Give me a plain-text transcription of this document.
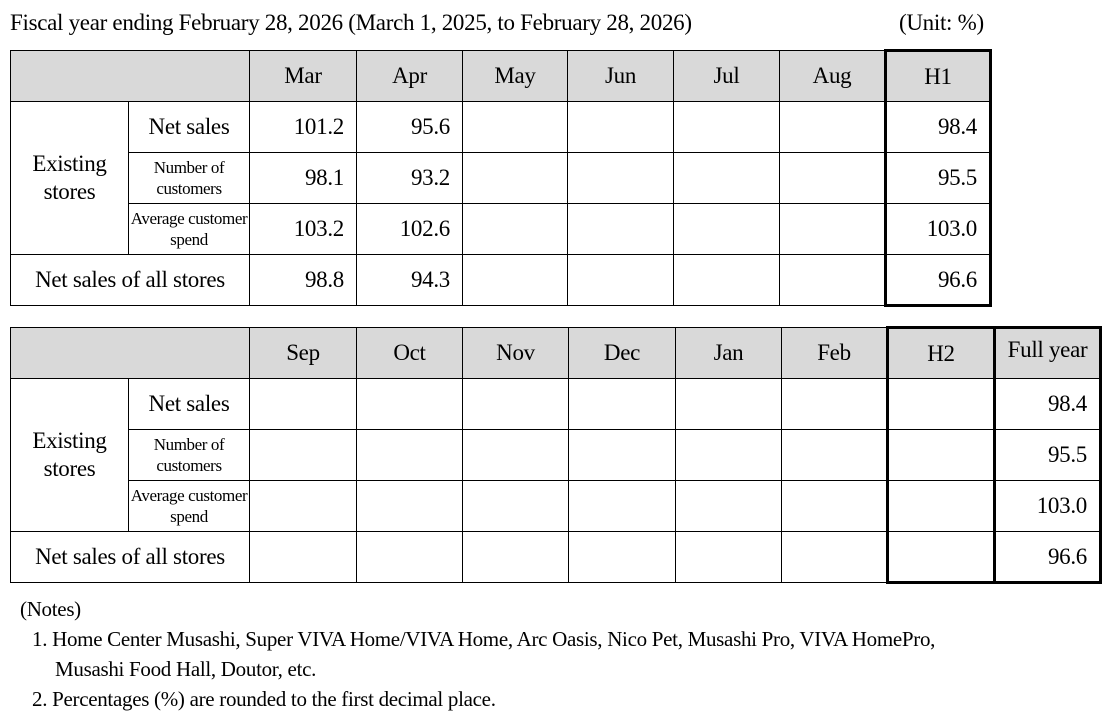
Fiscal year ending February 28, 2026 (March 1, 2025, to February 28, 2026)	(Unit: %)
		Mar	Apr	May	Jun	Jul	Aug	H1
Existing stores	Net sales	101.2	95.6					98.4
	Number of customers	98.1	93.2					95.5
	Average customer spend	103.2	102.6					103.0
Net sales of all stores		98.8	94.3					96.6
		Sep	Oct	Nov	Dec	Jan	Feb	H2	Full year
Existing stores	Net sales								98.4
	Number of customers								95.5
	Average customer spend								103.0
Net sales of all stores									96.6
(Notes)
1. Home Center Musashi, Super VIVA Home/VIVA Home, Arc Oasis, Nico Pet, Musashi Pro, VIVA HomePro,
Musashi Food Hall, Doutor, etc.
2. Percentages (%) are rounded to the first decimal place.
